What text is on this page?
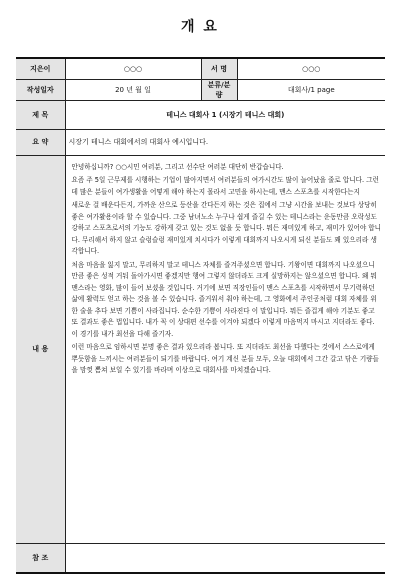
개 요
지은이	○○○	서 명	○○○
작성일자	20 년 월 일	분류/분량	대회사/1 page
제 목	테니스 대회사 1 (시장기 테니스 대회)		
요 약	시장기 테니스 대회에서의 대회사 예시입니다.		
내 용	안녕하십니까? ○○시민 여러분, 그리고 선수단 여러분 대단히 반갑습니다.

요즘 주 5일 근무제를 시행하는 기업이 많아지면서 여러분들의 여가시간도 많이 늘어났을 줄로 압니다. 그런데 많은 분들이 여가생활을 어떻게 해야 하는지 몰라서 고민을 하시는데, 맨스 스포츠를 시작한다는지

새로운 걸 배운다든지, 가까운 산으로 등산을 간다든지 하는 것은 집에서 그냥 시간을 보내는 것보다 상당히 좋은 여가활용이라 할 수 있습니다. 그중 남녀노소 누구나 쉽게 즐길 수 있는 테니스라는 운동만큼 오락성도 강하고 스포츠로서의 기능도 강하게 갖고 있는 것도 없을 듯 합니다. 뭐든 재미있게 하고, 재미가 있어야 합니다. 무리해서 하지 않고 슬렁슬렁 재미있게 치시다가 이렇게 대회까지 나오시게 되신 분들도 꽤 있으리라 생각합니다.

처음 마음을 잃지 말고, 무리하지 말고 테니스 자체를 즐겨주셨으면 합니다. 기왕이면 대회까지 나오셨으니 만큼 좋은 성적 거둬 돌아가시면 좋겠지만 행여 그렇지 않더라도 크게 실망하지는 않으셨으면 합니다. 왜 뭐 맨스라는 영화, 많이 들어 보셨을 것입니다. 거기에 보면 직장인들이 맨스 스포츠를 시작하면서 무기력하던 삶에 활력도 얻고 하는 것을 볼 수 있습니다. 즐거워서 춰야 하는데, 그 영화에서 주인공처럼 대회 자체를 위한 술을 추다 보면 기쁨이 사라집니다. 순수한 기쁨이 사라진다 이 말입니다. 뭐든 즐겁게 해야 기분도 좋고 또 결과도 좋은 법입니다. 내가 꼭 이 상대편 선수를 이겨야 되겠다 이렇게 마음먹지 마시고 지더라도 좋다. 이 경기를 내가 최선을 다해 즐기자.

이런 마음으로 임하시면 분명 좋은 결과 있으리라 봅니다. 또 지더라도 최선을 다했다는 것에서 스스로에게 뿌듯함을 느끼시는 여러분들이 되기를 바랍니다. 여기 계신 분들 모두, 오늘 대회에서 그간 갈고 닦은 기량들을 맘껏 뽐쳐 보일 수 있기를 바라며 이상으로 대회사를 마치겠습니다.		

참 조			
